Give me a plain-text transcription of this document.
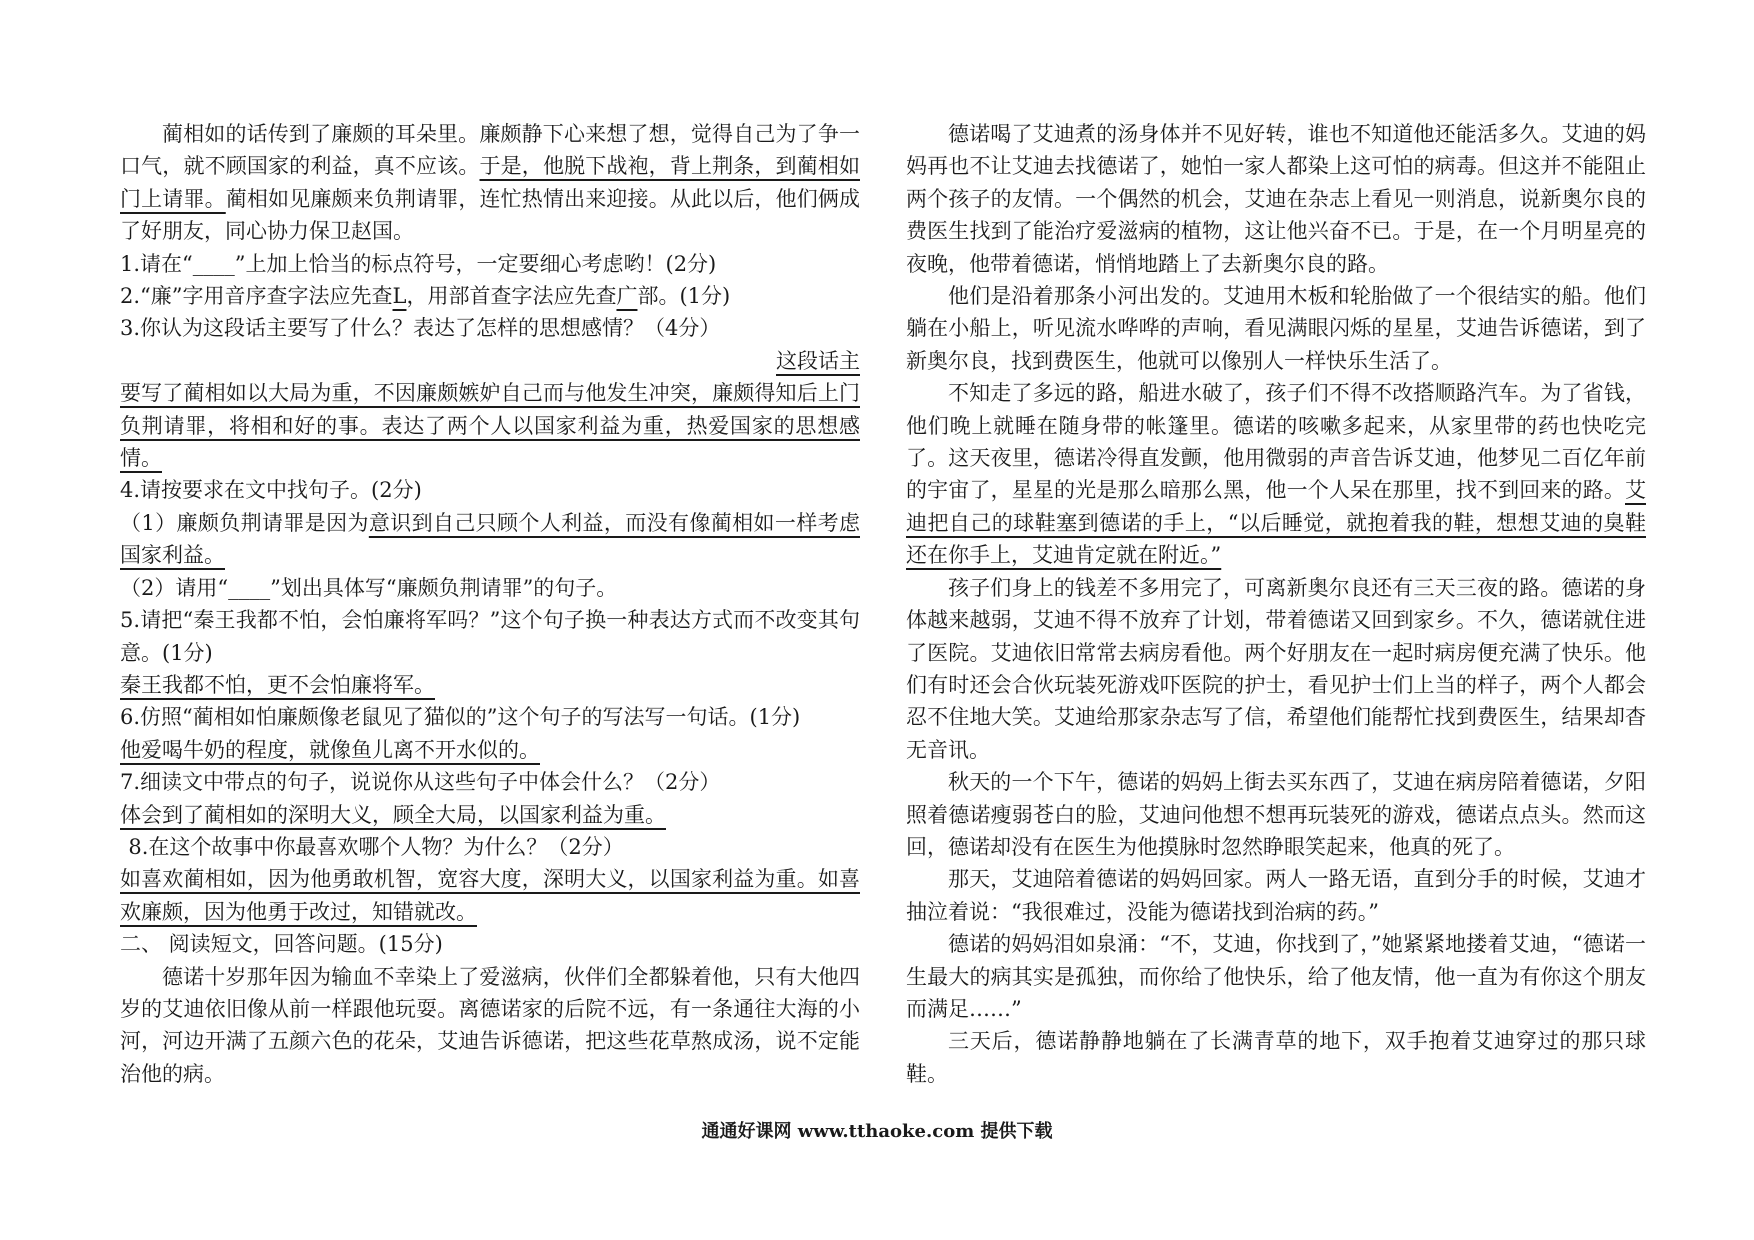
蔺相如的话传到了廉颇的耳朵里。廉颇静下心来想了想，觉得自己为了争一口气，就不顾国家的利益，真不应该。于是，他脱下战袍，背上荆条，到蔺相如门上请罪。蔺相如见廉颇来负荆请罪，连忙热情出来迎接。从此以后，他们俩成了好朋友，同心协力保卫赵国。

1.请在“____”上加上恰当的标点符号，一定要细心考虑哟！(2分)

2.“廉”字用音序查字法应先查L，用部首查字法应先查广部。(1分)

3.你认为这段话主要写了什么？表达了怎样的思想感情？（4分）

这段话主

要写了蔺相如以大局为重，不因廉颇嫉妒自己而与他发生冲突，廉颇得知后上门负荆请罪，将相和好的事。表达了两个人以国家利益为重，热爱国家的思想感情。

4.请按要求在文中找句子。(2分)

（1）廉颇负荆请罪是因为意识到自己只顾个人利益，而没有像蔺相如一样考虑国家利益。

（2）请用“____”划出具体写“廉颇负荆请罪”的句子。

5.请把“秦王我都不怕，会怕廉将军吗？”这个句子换一种表达方式而不改变其句意。(1分)

秦王我都不怕，更不会怕廉将军。

6.仿照“蔺相如怕廉颇像老鼠见了猫似的”这个句子的写法写一句话。(1分)

他爱喝牛奶的程度，就像鱼儿离不开水似的。

7.细读文中带点的句子，说说你从这些句子中体会什么？（2分）

体会到了蔺相如的深明大义，顾全大局，以国家利益为重。

8.在这个故事中你最喜欢哪个人物？为什么？（2分）

如喜欢蔺相如，因为他勇敢机智，宽容大度，深明大义，以国家利益为重。如喜欢廉颇，因为他勇于改过，知错就改。

二、 阅读短文，回答问题。(15分)

德诺十岁那年因为输血不幸染上了爱滋病，伙伴们全都躲着他，只有大他四岁的艾迪依旧像从前一样跟他玩耍。离德诺家的后院不远，有一条通往大海的小河，河边开满了五颜六色的花朵，艾迪告诉德诺，把这些花草熬成汤，说不定能治他的病。

德诺喝了艾迪煮的汤身体并不见好转，谁也不知道他还能活多久。艾迪的妈妈再也不让艾迪去找德诺了，她怕一家人都染上这可怕的病毒。但这并不能阻止两个孩子的友情。一个偶然的机会，艾迪在杂志上看见一则消息，说新奥尔良的费医生找到了能治疗爱滋病的植物，这让他兴奋不已。于是，在一个月明星亮的夜晚，他带着德诺，悄悄地踏上了去新奥尔良的路。

他们是沿着那条小河出发的。艾迪用木板和轮胎做了一个很结实的船。他们躺在小船上，听见流水哗哗的声响，看见满眼闪烁的星星，艾迪告诉德诺，到了新奥尔良，找到费医生，他就可以像别人一样快乐生活了。

不知走了多远的路，船进水破了，孩子们不得不改搭顺路汽车。为了省钱，他们晚上就睡在随身带的帐篷里。德诺的咳嗽多起来，从家里带的药也快吃完了。这天夜里，德诺冷得直发颤，他用微弱的声音告诉艾迪，他梦见二百亿年前的宇宙了，星星的光是那么暗那么黑，他一个人呆在那里，找不到回来的路。艾迪把自己的球鞋塞到德诺的手上，“以后睡觉，就抱着我的鞋，想想艾迪的臭鞋还在你手上，艾迪肯定就在附近。”

孩子们身上的钱差不多用完了，可离新奥尔良还有三天三夜的路。德诺的身体越来越弱，艾迪不得不放弃了计划，带着德诺又回到家乡。不久，德诺就住进了医院。艾迪依旧常常去病房看他。两个好朋友在一起时病房便充满了快乐。他们有时还会合伙玩装死游戏吓医院的护士，看见护士们上当的样子，两个人都会忍不住地大笑。艾迪给那家杂志写了信，希望他们能帮忙找到费医生，结果却杳无音讯。

秋天的一个下午，德诺的妈妈上街去买东西了，艾迪在病房陪着德诺，夕阳照着德诺瘦弱苍白的脸，艾迪问他想不想再玩装死的游戏，德诺点点头。然而这回，德诺却没有在医生为他摸脉时忽然睁眼笑起来，他真的死了。

那天，艾迪陪着德诺的妈妈回家。两人一路无语，直到分手的时候，艾迪才抽泣着说：“我很难过，没能为德诺找到治病的药。”

德诺的妈妈泪如泉涌：“不，艾迪，你找到了，”她紧紧地搂着艾迪，“德诺一生最大的病其实是孤独，而你给了他快乐，给了他友情，他一直为有你这个朋友而满足……”

三天后，德诺静静地躺在了长满青草的地下，双手抱着艾迪穿过的那只球鞋。

通通好课网 www.tthaoke.com 提供下载
